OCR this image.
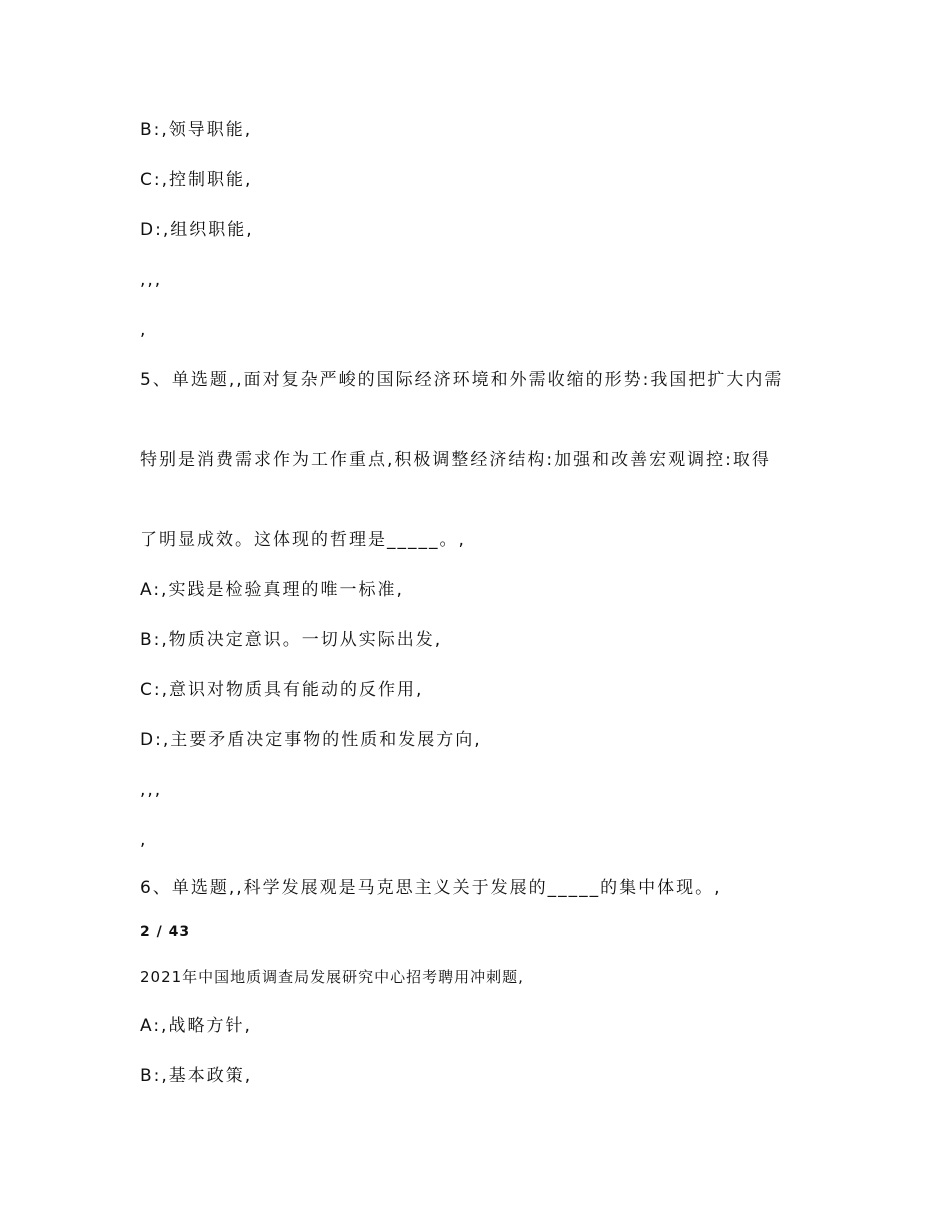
B:,领导职能,
C:,控制职能,
D:,组织职能,
,,,
,
5、单选题,,面对复杂严峻的国际经济环境和外需收缩的形势:我国把扩大内需
特别是消费需求作为工作重点,积极调整经济结构:加强和改善宏观调控:取得
了明显成效。这体现的哲理是_____。,
A:,实践是检验真理的唯一标准,
B:,物质决定意识。一切从实际出发,
C:,意识对物质具有能动的反作用,
D:,主要矛盾决定事物的性质和发展方向,
,,,
,
6、单选题,,科学发展观是马克思主义关于发展的_____的集中体现。,
2 / 43
2021年中国地质调查局发展研究中心招考聘用冲刺题,
A:,战略方针,
B:,基本政策,
